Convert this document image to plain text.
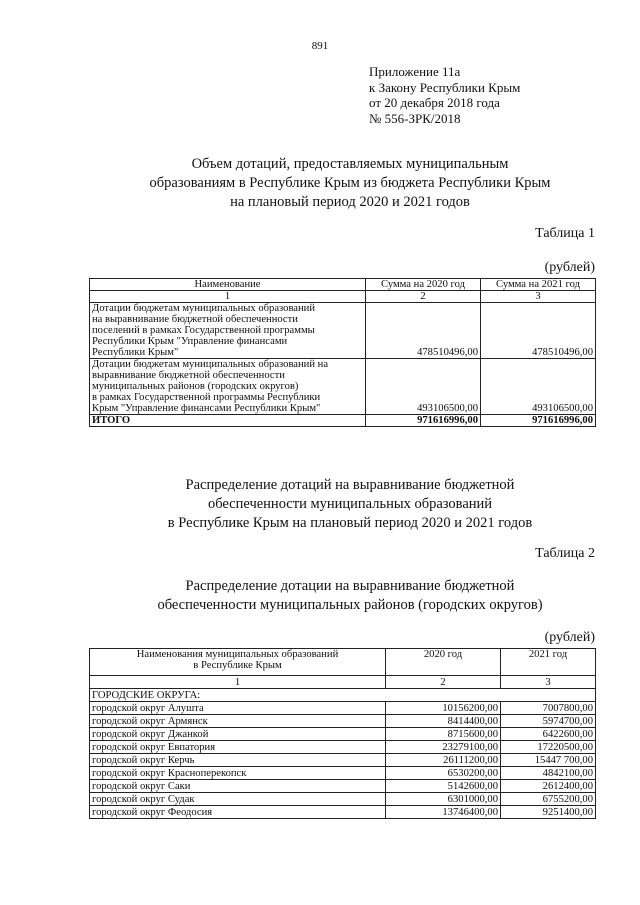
891
Приложение 11а
к Закону Республики Крым
от 20 декабря 2018 года
№ 556-ЗРК/2018
Объем дотаций, предоставляемых муниципальным
образованиям в Республике Крым из бюджета Республики Крым
на плановый период 2020 и 2021 годов
Таблица 1
(рублей)
Наименование	Сумма на 2020 год	Сумма на 2021 год
1	2	3

Дотации бюджетам муниципальных образований
на выравнивание бюджетной обеспеченности
поселений в рамках Государственной программы
Республики Крым "Управление финансами
Республики Крым"	478510496,00	478510496,00

Дотации бюджетам муниципальных образований на
выравнивание бюджетной обеспеченности
муниципальных районов (городских округов)
в рамках Государственной программы Республики
Крым "Управление финансами Республики Крым"	493106500,00	493106500,00
ИТОГО	971616996,00	971616996,00
Распределение дотаций на выравнивание бюджетной
обеспеченности муниципальных образований
в Республике Крым на плановый период 2020 и 2021 годов
Таблица 2
Распределение дотации на выравнивание бюджетной
обеспеченности муниципальных районов (городских округов)
(рублей)
Наименования муниципальных образований
в Республике Крым	2020 год	2021 год
1	2	3
ГОРОДСКИЕ ОКРУГА:		
городской округ Алушта	10156200,00	7007800,00
городской округ Армянск	8414400,00	5974700,00
городской округ Джанкой	8715600,00	6422600,00
городской округ Евпатория	23279100,00	17220500,00
городской округ Керчь	26111200,00	15447 700,00
городской округ Красноперекопск	6530200,00	4842100,00
городской округ Саки	5142600,00	2612400,00
городской округ Судак	6301000,00	6755200,00
городской округ Феодосия	13746400,00	9251400,00
